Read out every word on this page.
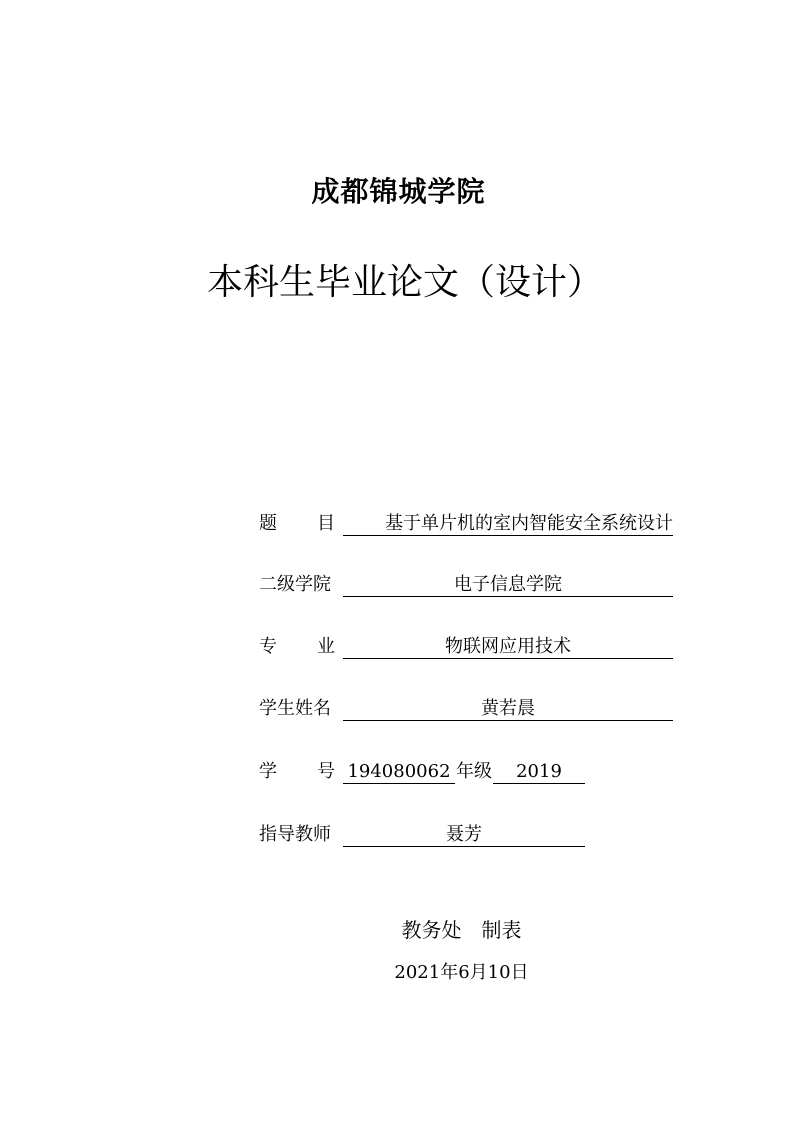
成都锦城学院
本科生毕业论文（设计）
题 目	基于单片机的室内智能安全系统设计
二级学院	电子信息学院
专 业	物联网应用技术
学生姓名	黄若晨
学 号 194080062 年级	2019
指导教师	聂芳
教务处　制表
2021年6月10日
